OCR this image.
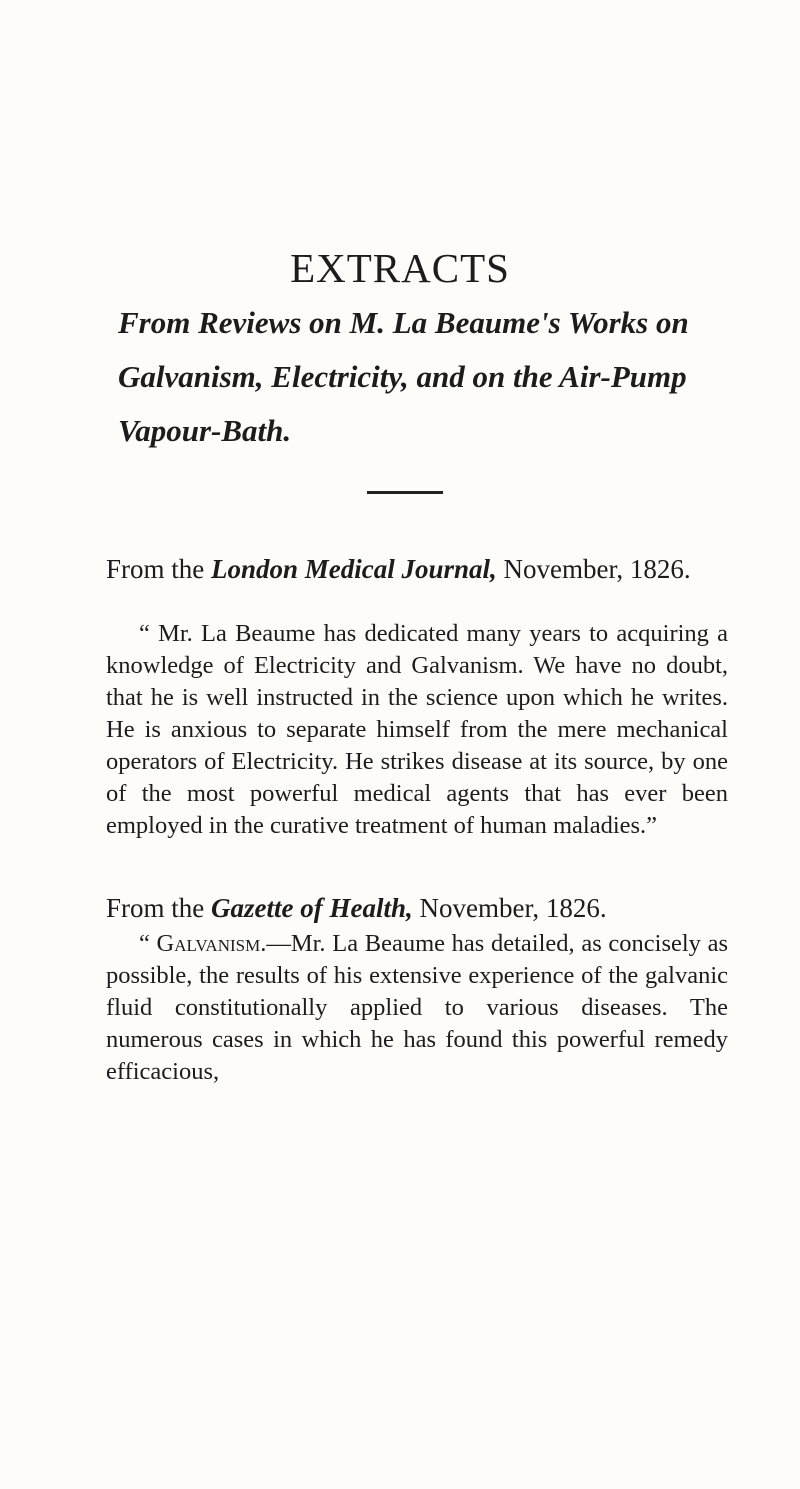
EXTRACTS
From Reviews on M. La Beaume's Works on Galvanism, Electricity, and on the Air-Pump Vapour-Bath.
From the London Medical Journal, November, 1826.

“ Mr. La Beaume has dedicated many years to acquiring a knowledge of Electricity and Galvanism. We have no doubt, that he is well instructed in the science upon which he writes. He is anxious to separate himself from the mere mechanical operators of Electricity. He strikes disease at its source, by one of the most powerful medical agents that has ever been employed in the curative treatment of human maladies.”

From the Gazette of Health, November, 1826.

“ Galvanism.—Mr. La Beaume has detailed, as concisely as possible, the results of his extensive experience of the galvanic fluid constitutionally applied to various diseases. The numerous cases in which he has found this powerful remedy efficacious,
